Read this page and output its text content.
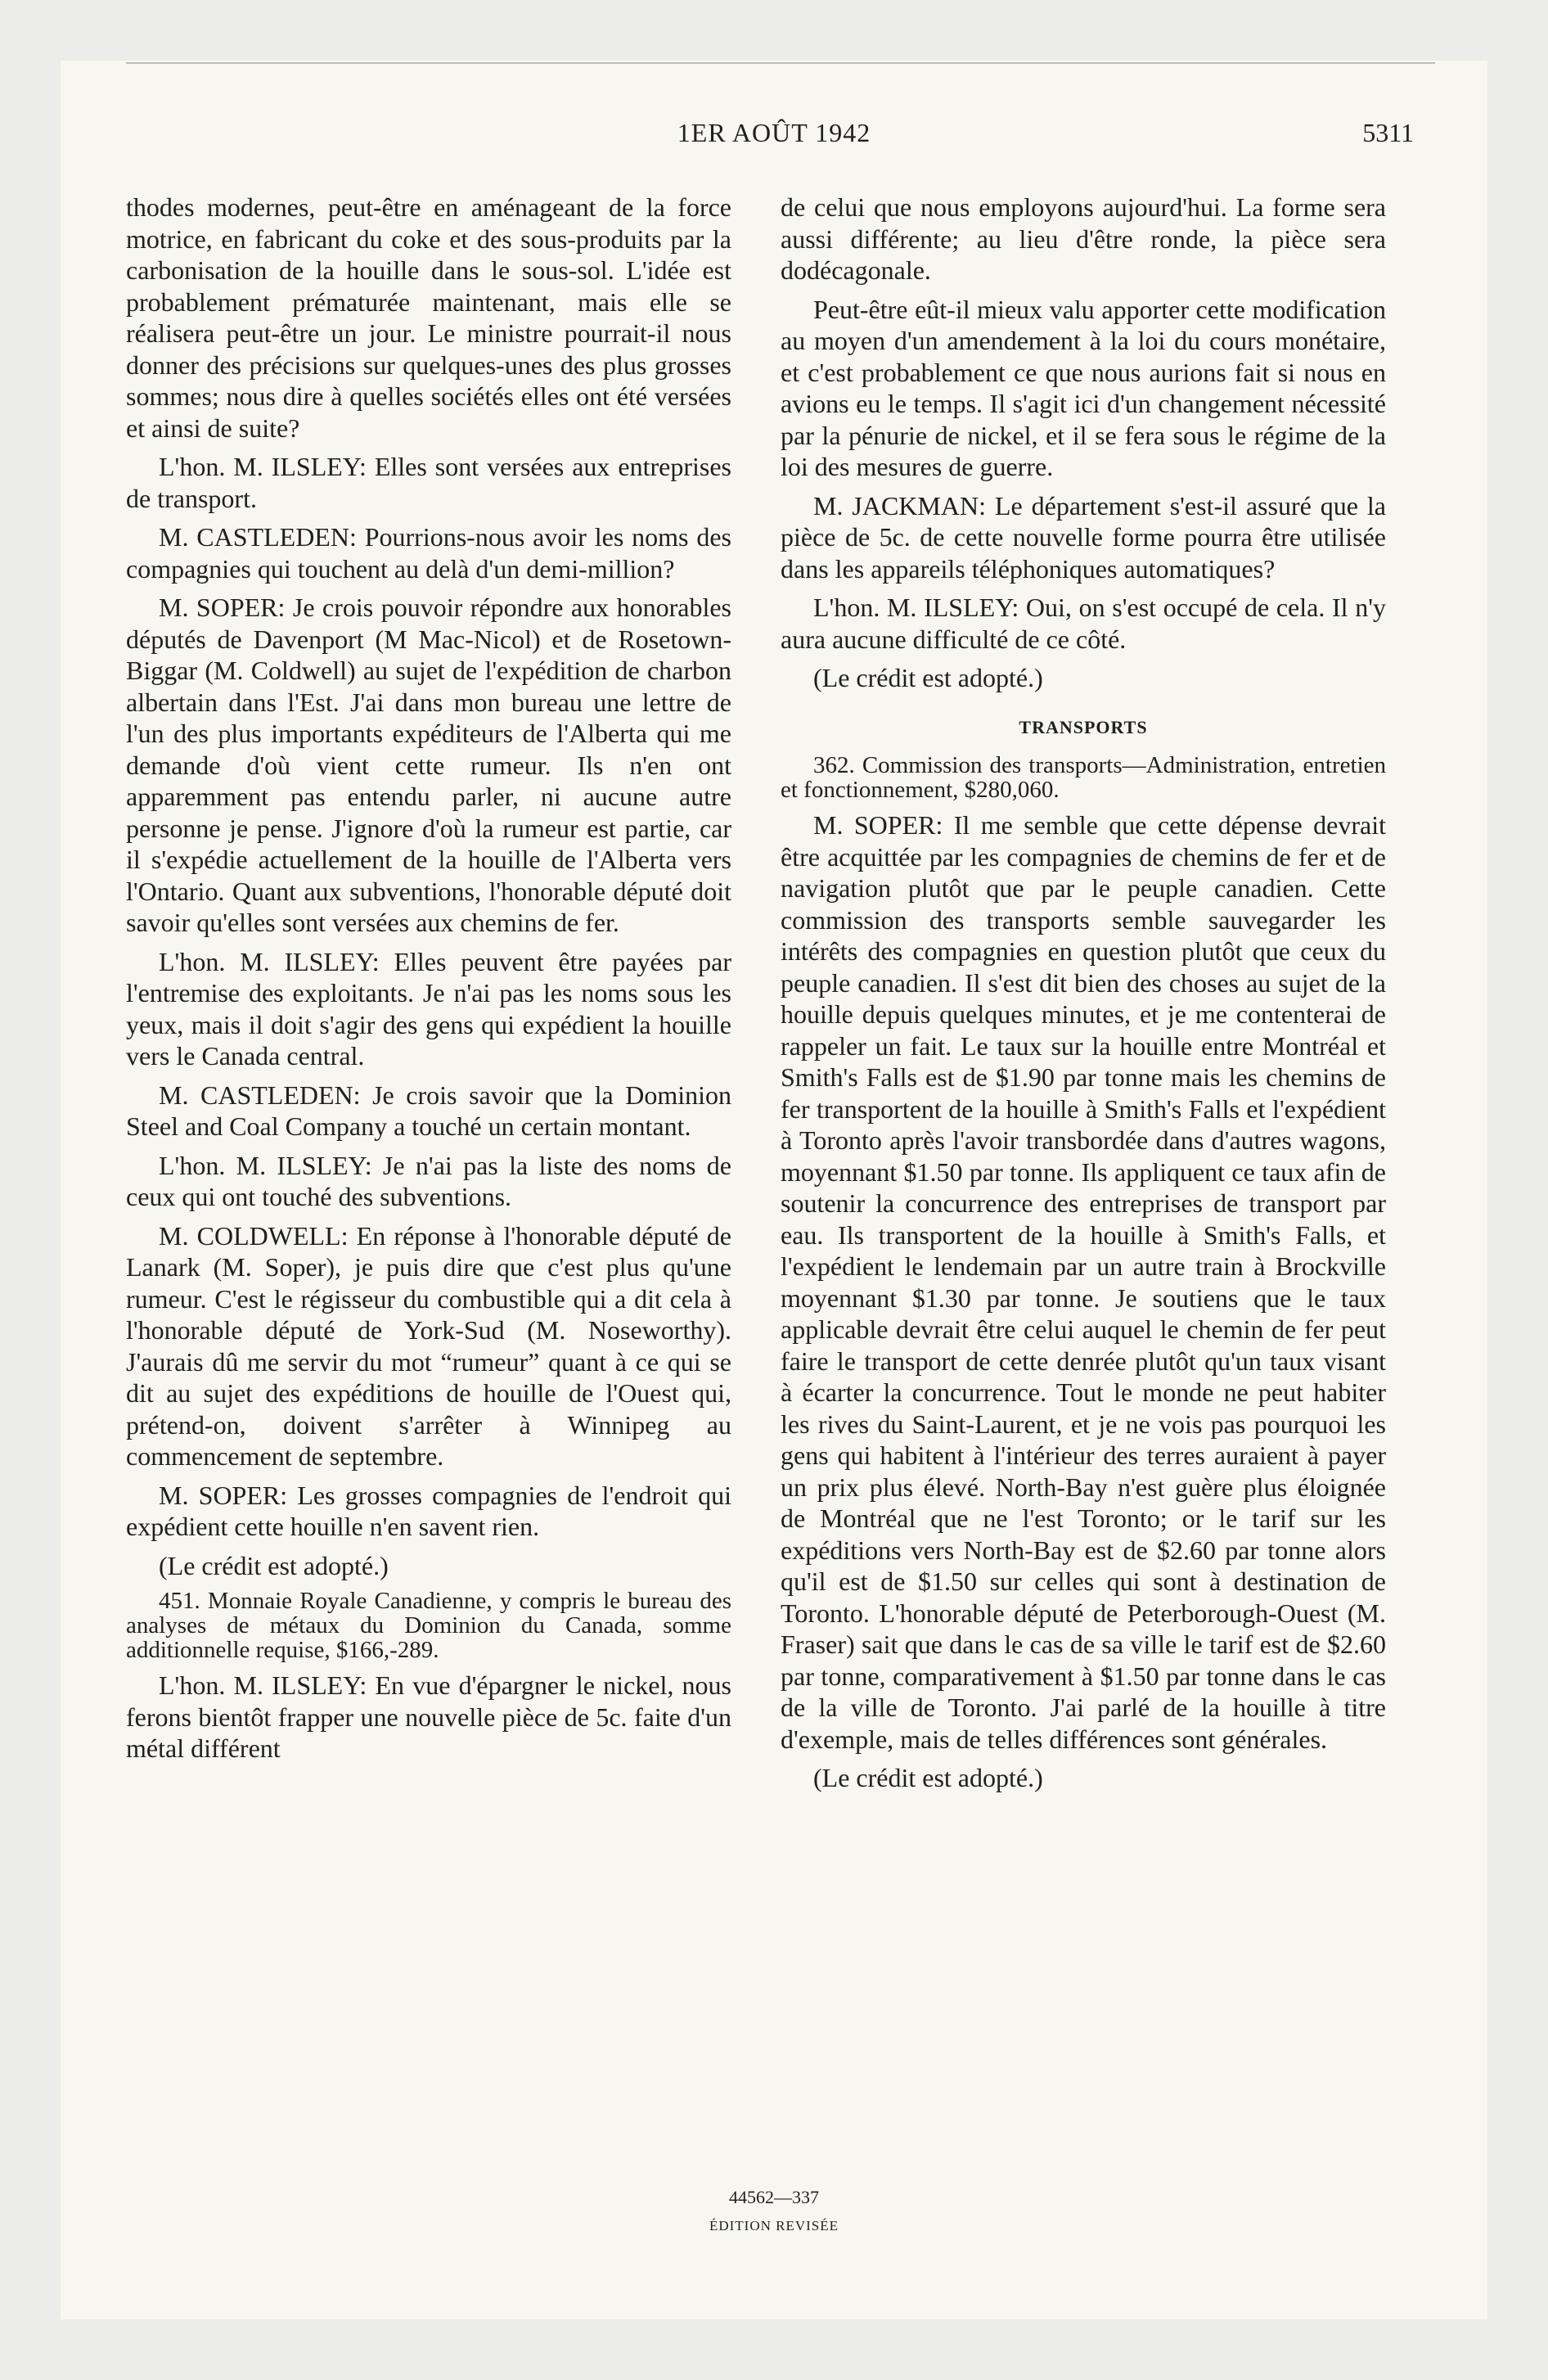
1ER AOÛT 1942	5311

thodes modernes, peut-être en aménageant de la force motrice, en fabricant du coke et des sous-produits par la carbonisation de la houille dans le sous-sol. L'idée est probablement prématurée maintenant, mais elle se réalisera peut-être un jour. Le ministre pourrait-il nous donner des précisions sur quelques-unes des plus grosses sommes; nous dire à quelles sociétés elles ont été versées et ainsi de suite?

L'hon. M. ILSLEY: Elles sont versées aux entreprises de transport.

M. CASTLEDEN: Pourrions-nous avoir les noms des compagnies qui touchent au delà d'un demi-million?

M. SOPER: Je crois pouvoir répondre aux honorables députés de Davenport (M Mac-Nicol) et de Rosetown-Biggar (M. Coldwell) au sujet de l'expédition de charbon albertain dans l'Est. J'ai dans mon bureau une lettre de l'un des plus importants expéditeurs de l'Alberta qui me demande d'où vient cette rumeur. Ils n'en ont apparemment pas entendu parler, ni aucune autre personne je pense. J'ignore d'où la rumeur est partie, car il s'expédie actuellement de la houille de l'Alberta vers l'Ontario. Quant aux subventions, l'honorable député doit savoir qu'elles sont versées aux chemins de fer.

L'hon. M. ILSLEY: Elles peuvent être payées par l'entremise des exploitants. Je n'ai pas les noms sous les yeux, mais il doit s'agir des gens qui expédient la houille vers le Canada central.

M. CASTLEDEN: Je crois savoir que la Dominion Steel and Coal Company a touché un certain montant.

L'hon. M. ILSLEY: Je n'ai pas la liste des noms de ceux qui ont touché des subventions.

M. COLDWELL: En réponse à l'honorable député de Lanark (M. Soper), je puis dire que c'est plus qu'une rumeur. C'est le régisseur du combustible qui a dit cela à l'honorable député de York-Sud (M. Noseworthy). J'aurais dû me servir du mot “rumeur” quant à ce qui se dit au sujet des expéditions de houille de l'Ouest qui, prétend-on, doivent s'arrêter à Winnipeg au commencement de septembre.

M. SOPER: Les grosses compagnies de l'endroit qui expédient cette houille n'en savent rien.

(Le crédit est adopté.)

451. Monnaie Royale Canadienne, y compris le bureau des analyses de métaux du Dominion du Canada, somme additionnelle requise, $166,-289.

L'hon. M. ILSLEY: En vue d'épargner le nickel, nous ferons bientôt frapper une nouvelle pièce de 5c. faite d'un métal différent

de celui que nous employons aujourd'hui. La forme sera aussi différente; au lieu d'être ronde, la pièce sera dodécagonale.

Peut-être eût-il mieux valu apporter cette modification au moyen d'un amendement à la loi du cours monétaire, et c'est probablement ce que nous aurions fait si nous en avions eu le temps. Il s'agit ici d'un changement nécessité par la pénurie de nickel, et il se fera sous le régime de la loi des mesures de guerre.

M. JACKMAN: Le département s'est-il assuré que la pièce de 5c. de cette nouvelle forme pourra être utilisée dans les appareils téléphoniques automatiques?

L'hon. M. ILSLEY: Oui, on s'est occupé de cela. Il n'y aura aucune difficulté de ce côté.

(Le crédit est adopté.)

TRANSPORTS

362. Commission des transports—Administration, entretien et fonctionnement, $280,060.

M. SOPER: Il me semble que cette dépense devrait être acquittée par les compagnies de chemins de fer et de navigation plutôt que par le peuple canadien. Cette commission des transports semble sauvegarder les intérêts des compagnies en question plutôt que ceux du peuple canadien. Il s'est dit bien des choses au sujet de la houille depuis quelques minutes, et je me contenterai de rappeler un fait. Le taux sur la houille entre Montréal et Smith's Falls est de $1.90 par tonne mais les chemins de fer transportent de la houille à Smith's Falls et l'expédient à Toronto après l'avoir transbordée dans d'autres wagons, moyennant $1.50 par tonne. Ils appliquent ce taux afin de soutenir la concurrence des entreprises de transport par eau. Ils transportent de la houille à Smith's Falls, et l'expédient le lendemain par un autre train à Brockville moyennant $1.30 par tonne. Je soutiens que le taux applicable devrait être celui auquel le chemin de fer peut faire le transport de cette denrée plutôt qu'un taux visant à écarter la concurrence. Tout le monde ne peut habiter les rives du Saint-Laurent, et je ne vois pas pourquoi les gens qui habitent à l'intérieur des terres auraient à payer un prix plus élevé. North-Bay n'est guère plus éloignée de Montréal que ne l'est Toronto; or le tarif sur les expéditions vers North-Bay est de $2.60 par tonne alors qu'il est de $1.50 sur celles qui sont à destination de Toronto. L'honorable député de Peterborough-Ouest (M. Fraser) sait que dans le cas de sa ville le tarif est de $2.60 par tonne, comparativement à $1.50 par tonne dans le cas de la ville de Toronto. J'ai parlé de la houille à titre d'exemple, mais de telles différences sont générales.

(Le crédit est adopté.)

44562—337
ÉDITION REVISÉE
